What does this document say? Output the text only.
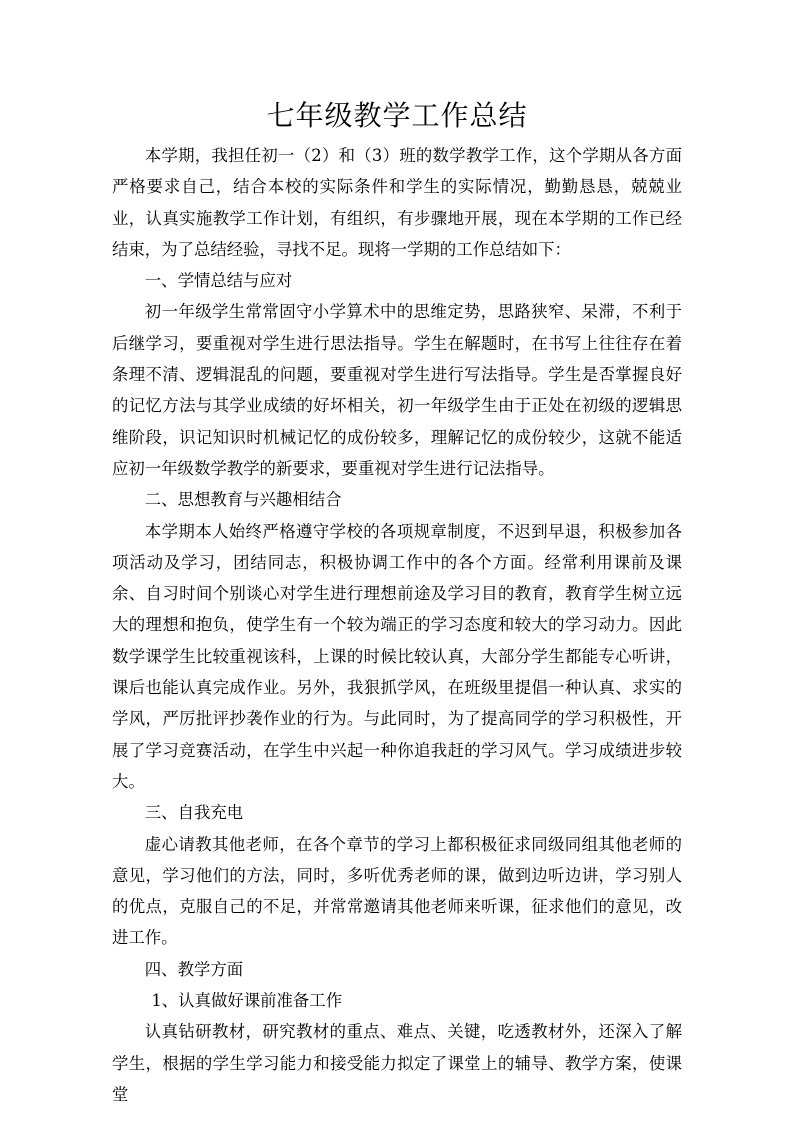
七年级教学工作总结

本学期，我担任初一（2）和（3）班的数学教学工作，这个学期从各方面严格要求自己，结合本校的实际条件和学生的实际情况，勤勤恳恳，兢兢业业，认真实施教学工作计划，有组织，有步骤地开展，现在本学期的工作已经结束，为了总结经验，寻找不足。现将一学期的工作总结如下：

一、学情总结与应对

初一年级学生常常固守小学算术中的思维定势，思路狭窄、呆滞，不利于后继学习，要重视对学生进行思法指导。学生在解题时，在书写上往往存在着条理不清、逻辑混乱的问题，要重视对学生进行写法指导。学生是否掌握良好的记忆方法与其学业成绩的好坏相关，初一年级学生由于正处在初级的逻辑思维阶段，识记知识时机械记忆的成份较多，理解记忆的成份较少，这就不能适应初一年级数学教学的新要求，要重视对学生进行记法指导。

二、思想教育与兴趣相结合

本学期本人始终严格遵守学校的各项规章制度，不迟到早退，积极参加各项活动及学习，团结同志，积极协调工作中的各个方面。经常利用课前及课余、自习时间个别谈心对学生进行理想前途及学习目的教育，教育学生树立远大的理想和抱负，使学生有一个较为端正的学习态度和较大的学习动力。因此数学课学生比较重视该科，上课的时候比较认真，大部分学生都能专心听讲，课后也能认真完成作业。另外，我狠抓学风，在班级里提倡一种认真、求实的学风，严厉批评抄袭作业的行为。与此同时，为了提高同学的学习积极性，开展了学习竞赛活动，在学生中兴起一种你追我赶的学习风气。学习成绩进步较大。

三、自我充电

虚心请教其他老师，在各个章节的学习上都积极征求同级同组其他老师的意见，学习他们的方法，同时，多听优秀老师的课，做到边听边讲，学习别人的优点，克服自己的不足，并常常邀请其他老师来听课，征求他们的意见，改进工作。

四、教学方面

1、认真做好课前准备工作

认真钻研教材，研究教材的重点、难点、关键，吃透教材外，还深入了解学生，根据的学生学习能力和接受能力拟定了课堂上的辅导、教学方案，使课堂
